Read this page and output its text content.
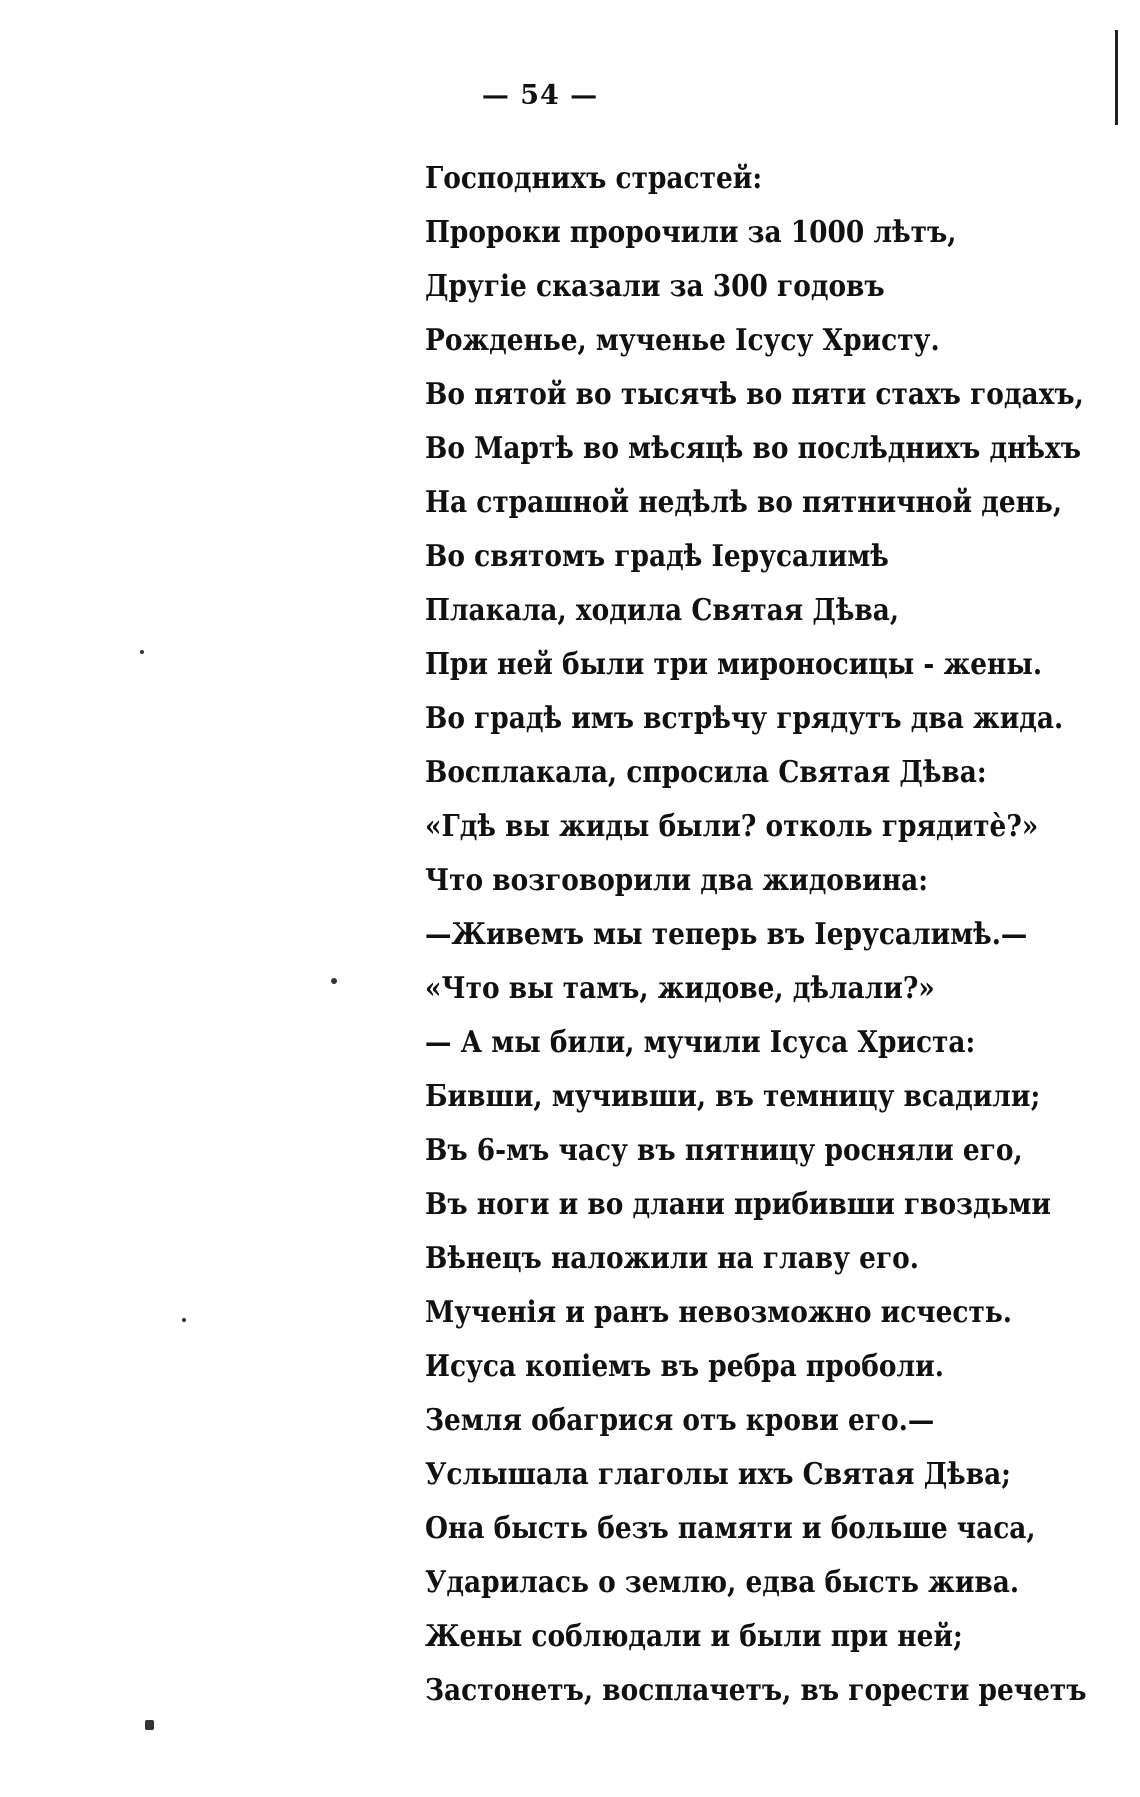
— 54 —
Господнихъ страстей:
Пророки пророчили за 1000 лѣтъ,
Другіе сказали за 300 годовъ
Рожденье, мученье Ісусу Христу.
Во пятой во тысячѣ во пяти стахъ годахъ,
Во Мартѣ во мѣсяцѣ во послѣднихъ днѣхъ
На страшной недѣлѣ во пятничной день,
Во святомъ градѣ Іерусалимѣ
Плакала, ходила Святая Дѣва,
При ней были три мироносицы - жены.
Во градѣ имъ встрѣчу грядутъ два жида.
Восплакала, спросила Святая Дѣва:
«Гдѣ вы жиды были? отколь грядитѐ?»
Что возговорили два жидовина:
—Живемъ мы теперь въ Іерусалимѣ.—
«Что вы тамъ, жидове, дѣлали?»
— А мы били, мучили Ісуса Христа:
Бивши, мучивши, въ темницу всадили;
Въ 6-мъ часу въ пятницу росняли его,
Въ ноги и во длани прибивши гвоздьми
Вѣнецъ наложили на главу его.
Мученія и ранъ невозможно исчесть.
Исуса копіемъ въ ребра проболи.
Земля обагрися отъ крови его.—
Услышала глаголы ихъ Святая Дѣва;
Она бысть безъ памяти и больше часа,
Ударилась о землю, едва бысть жива.
Жены соблюдали и были при ней;
Застонетъ, восплачетъ, въ горести речетъ
